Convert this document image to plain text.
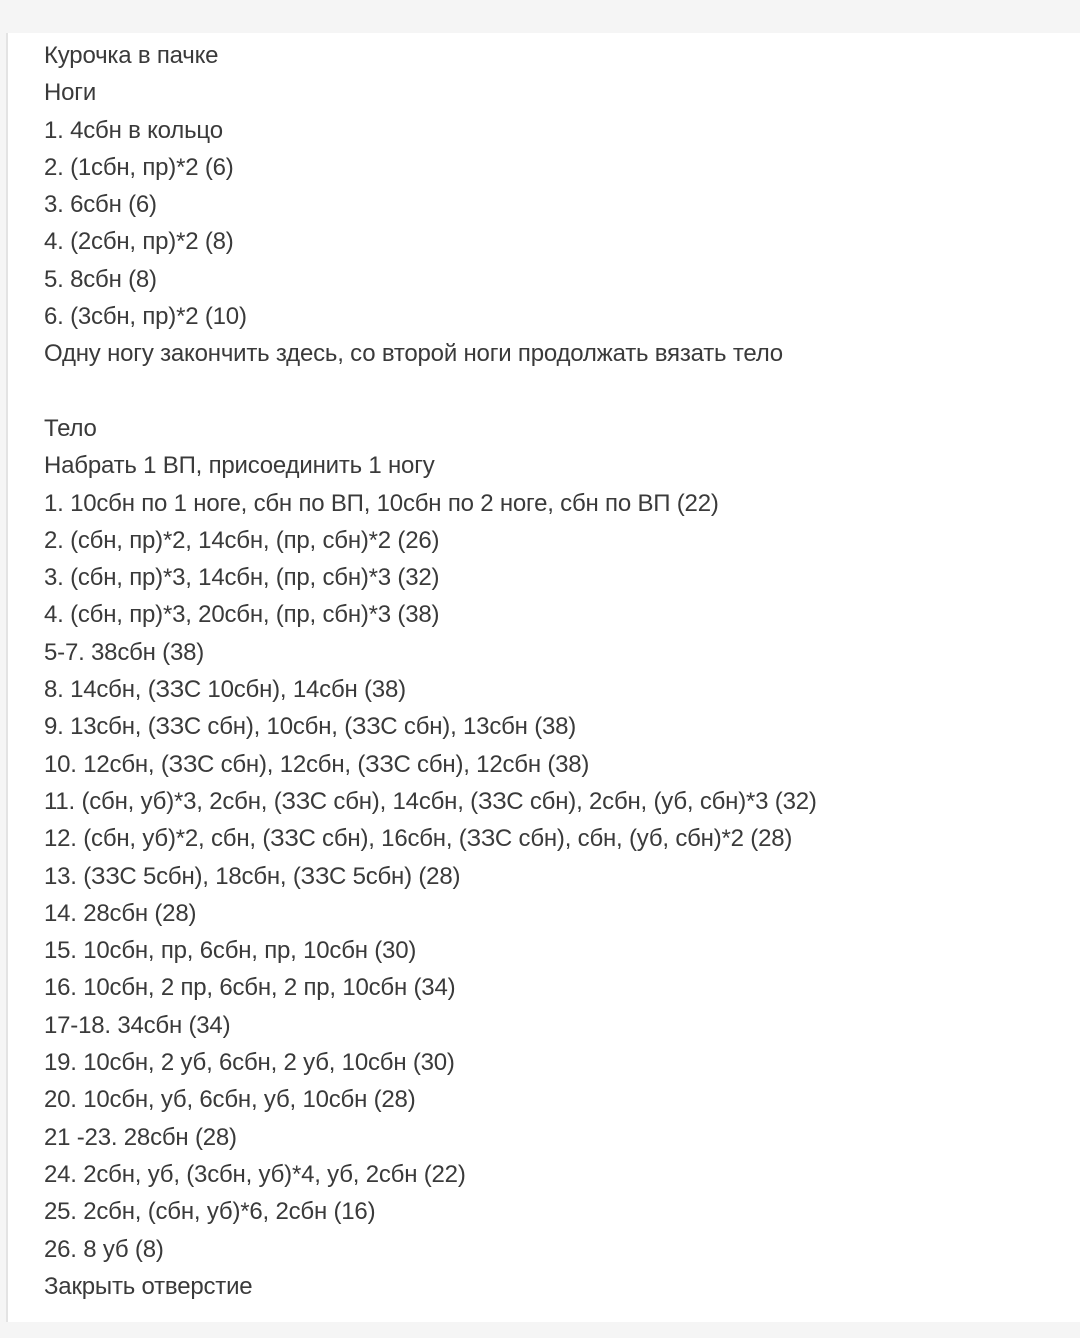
Курочка в пачке
Ноги
1. 4сбн в кольцо
2. (1сбн, пр)*2 (6)
3. 6сбн (6)
4. (2сбн, пр)*2 (8)
5. 8сбн (8)
6. (3сбн, пр)*2 (10)
Одну ногу закончить здесь, со второй ноги продолжать вязать тело
Тело
Набрать 1 ВП, присоединить 1 ногу
1. 10сбн по 1 ноге, сбн по ВП, 10сбн по 2 ноге, сбн по ВП (22)
2. (сбн, пр)*2, 14сбн, (пр, сбн)*2 (26)
3. (сбн, пр)*3, 14сбн, (пр, сбн)*3 (32)
4. (сбн, пр)*3, 20сбн, (пр, сбн)*3 (38)
5-7. 38сбн (38)
8. 14сбн, (ЗЗС 10сбн), 14сбн (38)
9. 13сбн, (ЗЗС сбн), 10сбн, (ЗЗС сбн), 13сбн (38)
10. 12сбн, (ЗЗС сбн), 12сбн, (ЗЗС сбн), 12сбн (38)
11. (сбн, уб)*3, 2сбн, (ЗЗС сбн), 14сбн, (ЗЗС сбн), 2сбн, (уб, сбн)*3 (32)
12. (сбн, уб)*2, сбн, (ЗЗС сбн), 16сбн, (ЗЗС сбн), сбн, (уб, сбн)*2 (28)
13. (ЗЗС 5сбн), 18сбн, (ЗЗС 5сбн) (28)
14. 28сбн (28)
15. 10сбн, пр, 6сбн, пр, 10сбн (30)
16. 10сбн, 2 пр, 6сбн, 2 пр, 10сбн (34)
17-18. 34сбн (34)
19. 10сбн, 2 уб, 6сбн, 2 уб, 10сбн (30)
20. 10сбн, уб, 6сбн, уб, 10сбн (28)
21 -23. 28сбн (28)
24. 2сбн, уб, (3сбн, уб)*4, уб, 2сбн (22)
25. 2сбн, (сбн, уб)*6, 2сбн (16)
26. 8 уб (8)
Закрыть отверстие
